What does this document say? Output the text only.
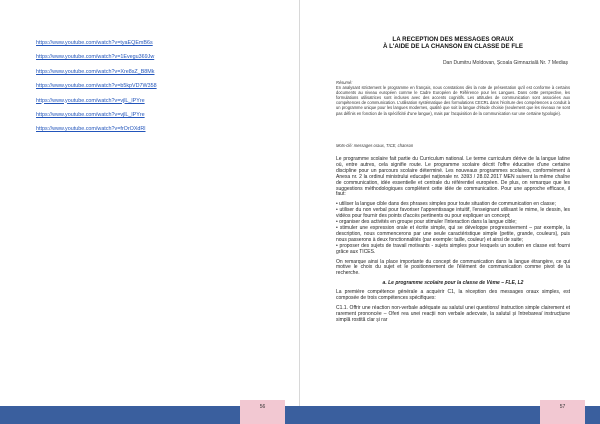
https://www.youtube.com/watch?v=tyaEQEmB6s
https://www.youtube.com/watch?v=1Evegu369Jw
https://www.youtube.com/watch?v=Xre8sZ_B8Mk
https://www.youtube.com/watch?v=b5kpVD7W358
https://www.youtube.com/watch?v=vjlL_lPYre
https://www.youtube.com/watch?v=vjlL_lPYre
https://www.youtube.com/watch?v=frOrOXdRl
LA RECEPTION DES MESSAGES ORAUX
À L'AIDE DE LA CHANSON EN CLASSE DE FLE
Dan Dumitru Moldovan, Școala Gimnazială Nr. 7 Mediaș
Résumé:
En analysant strictement le programme en français, nous constations dès la note de présentation qu'il est conforme à certains documents au niveau européen comme le Cadre Européen de Référence pour les Langues. Dans cette perspective, les formulations utilisatrices sont incluses avec des accents cognitifs. Les attitudes de communication sont associées aux compétences de communication. L'utilisation systématique des formulations CECRL dans l'écriture des compétences a conduit à un programme unique pour les langues modernes, qualité que soit la langue d'étude choisie (seulement que les niveaux ne sont pas définis en fonction de la spécificité d'une langue), mais par l'acquisition de la communication sur une certaine typologie).
Mots-clé: messages oraux, TICE, chanson

Le programme scolaire fait partie du Curriculum national. Le terme curriculum dérive de la langue latine où, entre autres, cela signifie route. Le programme scolaire décrit l'offre éducative d'une certaine discipline pour un parcours scolaire déterminé. Les nouveaux programmes scolaires, conformément à Anexa nr. 2 la ordinul ministrului educației naționale nr. 3393 / 28.02.2017 MEN suivent la même chaîne de communication, idée essentielle et centrale du référentiel européen. De plus, on remarque que les suggestions méthodologiques complètent cette idée de communication. Pour une approche efficace, il faut:

• utiliser la langue cible dans des phrases simples pour toute situation de communication en classe;
• utiliser du non verbal pour favoriser l'apprentissage intuitif, l'enseignant utilisant le mime, le dessin, les vidéos pour fournir des points d'accès pertinents ou pour expliquer un concept;
• organiser des activités en groupe pour stimuler l'interaction dans la langue cible;
• stimuler une expression orale et écrite simple, qui se développe progressivement – par exemple, la description, nous commencerons par une seule caractéristique simple (petite, grande, couleurs), puis nous passerons à deux fonctionnalités (par exemple: taille, couleur) et ainsi de suite;
• proposer des sujets de travail motivants - sujets simples pour lesquels un soutien en classe est fourni grâce aux TICES.

On remarque ainsi la place importante du concept de communication dans la langue étrangère, ce qui motive le choix du sujet et le positionnement de l'élément de communication comme pivot de la recherche.

a. Le programme scolaire pour la classe de Vème – FLE, L2

La première compétence générale a acquérir C1, la réception des messages oraux simples, est composée de trois compétences spécifiques:

C1.1. Offrir une réaction non-verbale adéquate au salutul unei questions/ instruction simple clairement et rarement prononcée – Oferi rea unei reacții non verbale adecvate, la salutul și întrebarea/ instrucțiune simplă rostită clar și rar

56	57
